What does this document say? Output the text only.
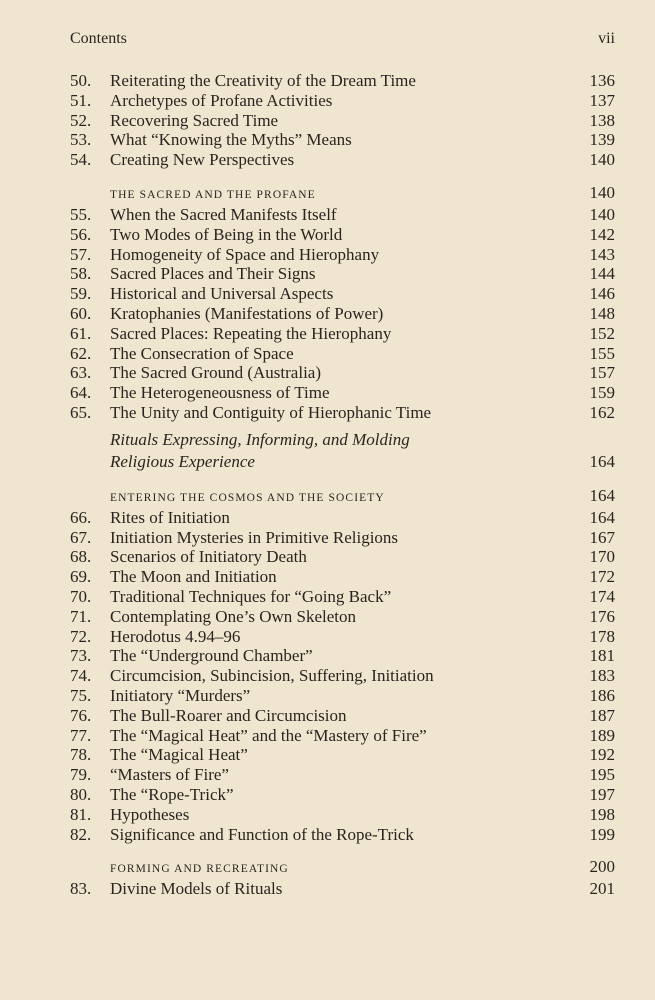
Contents	vii
50.	Reiterating the Creativity of the Dream Time	136
51.	Archetypes of Profane Activities	137
52.	Recovering Sacred Time	138
53.	What “Knowing the Myths” Means	139
54.	Creating New Perspectives	140
THE SACRED AND THE PROFANE	140
55.	When the Sacred Manifests Itself	140
56.	Two Modes of Being in the World	142
57.	Homogeneity of Space and Hierophany	143
58.	Sacred Places and Their Signs	144
59.	Historical and Universal Aspects	146
60.	Kratophanies (Manifestations of Power)	148
61.	Sacred Places: Repeating the Hierophany	152
62.	The Consecration of Space	155
63.	The Sacred Ground (Australia)	157
64.	The Heterogeneousness of Time	159
65.	The Unity and Contiguity of Hierophanic Time	162
Rituals Expressing, Informing, and Molding Religious Experience	164
ENTERING THE COSMOS AND THE SOCIETY	164
66.	Rites of Initiation	164
67.	Initiation Mysteries in Primitive Religions	167
68.	Scenarios of Initiatory Death	170
69.	The Moon and Initiation	172
70.	Traditional Techniques for “Going Back”	174
71.	Contemplating One’s Own Skeleton	176
72.	Herodotus 4.94–96	178
73.	The “Underground Chamber”	181
74.	Circumcision, Subincision, Suffering, Initiation	183
75.	Initiatory “Murders”	186
76.	The Bull-Roarer and Circumcision	187
77.	The “Magical Heat” and the “Mastery of Fire”	189
78.	The “Magical Heat”	192
79.	“Masters of Fire”	195
80.	The “Rope-Trick”	197
81.	Hypotheses	198
82.	Significance and Function of the Rope-Trick	199
FORMING AND RECREATING	200
83.	Divine Models of Rituals	201
